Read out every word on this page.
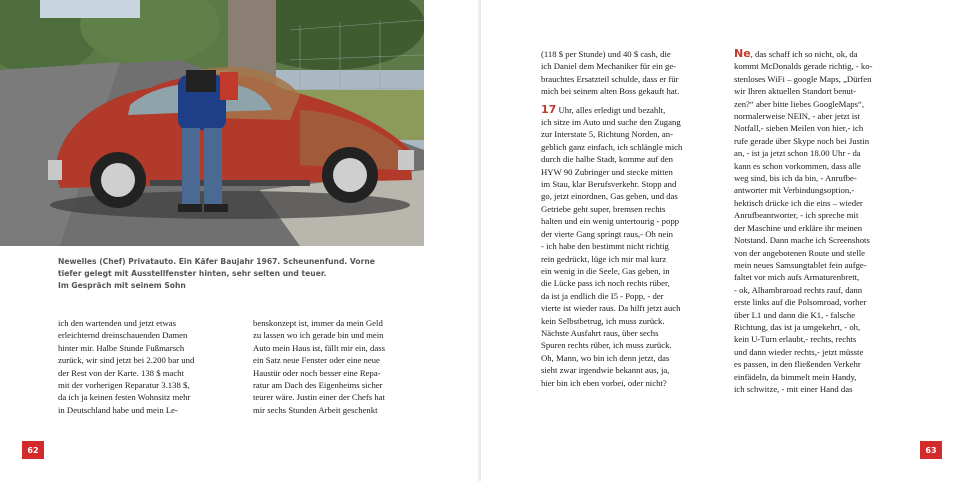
Newelles (Chef) Privatauto. Ein Käfer Baujahr 1967. Scheunenfund. Vorne
tiefer gelegt mit Ausstellfenster hinten, sehr selten und teuer.
Im Gespräch mit seinem Sohn
ich den wartenden und jetzt etwas
erleichternd dreinschauenden Damen
hinter mir. Halbe Stunde Fußmarsch
zurück, wir sind jetzt bei 2.200 bar und
der Rest von der Karte. 138 $ macht
mit der vorherigen Reparatur 3.138 $,
da ich ja keinen festen Wohnsitz mehr
in Deutschland habe und mein Le-
benskonzept ist, immer da mein Geld
zu lassen wo ich gerade bin und mein
Auto mein Haus ist, fällt mir ein, dass
ein Satz neue Fenster oder eine neue
Haustür oder noch besser eine Repa-
ratur am Dach des Eigenheims sicher
teurer wäre. Justin einer der Chefs hat
mir sechs Stunden Arbeit geschenkt
62
(118 $ per Stunde) und 40 $ cash, die
ich Daniel dem Mechaniker für ein ge-
brauchtes Ersatzteil schulde, dass er für
mich bei seinem alten Boss gekauft hat.
17 Uhr, alles erledigt und bezahlt,
ich sitze im Auto und suche den Zugang
zur Interstate 5, Richtung Norden, an-
geblich ganz einfach, ich schlängle mich
durch die halbe Stadt, komme auf den
HYW 90 Zubringer und stecke mitten
im Stau, klar Berufsverkehr. Stopp and
go, jetzt einordnen, Gas geben, und das
Getriebe geht super, bremsen rechts
halten und ein wenig untertourig - popp
der vierte Gang springt raus,- Oh nein
- ich habe den bestimmt nicht richtig
rein gedrückt, lüge ich mir mal kurz
ein wenig in die Seele, Gas geben, in
die Lücke pass ich noch rechts rüber,
da ist ja endlich die I5 - Popp, - der
vierte ist wieder raus. Da hilft jetzt auch
kein Selbstbetrug, ich muss zurück.
Nächste Ausfahrt raus, über sechs
Spuren rechts rüber, ich muss zurück.
Oh, Mann, wo bin ich denn jetzt, das
sieht zwar irgendwie bekannt aus, ja,
hier bin ich eben vorbei, oder nicht?
Ne, das schaff ich so nicht, ok, da
kommt McDonalds gerade richtig, - ko-
stenloses WiFi – google Maps, „Dürfen
wir Ihren aktuellen Standort benut-
zen?“ aber bitte liebes GoogleMaps“,
normalerweise NEIN, - aber jetzt ist
Notfall,- sieben Meilen von hier,- ich
rufe gerade über Skype noch bei Justin
an, - ist ja jetzt schon 18.00 Uhr - da
kann es schon vorkommen, dass alle
weg sind, bis ich da bin, - Anrufbe-
antworter mit Verbindungsoption,-
hektisch drücke ich die eins – wieder
Anrufbeantworter, - ich spreche mit
der Maschine und erkläre ihr meinen
Notstand. Dann mache ich Screenshots
von der angebotenen Route und stelle
mein neues Samsungtablet fein aufge-
faltet vor mich aufs Armaturenbrett,
- ok, Alhambraroad rechts rauf, dann
erste links auf die Polsomroad, vorher
über L1 und dann die K1, - falsche
Richtung, das ist ja umgekehrt, - oh,
kein U-Turn erlaubt,- rechts, rechts
und dann wieder rechts,- jetzt müsste
es passen, in den fließenden Verkehr
einfädeln, da bimmelt mein Handy,
ich schwitze, - mit einer Hand das
63
